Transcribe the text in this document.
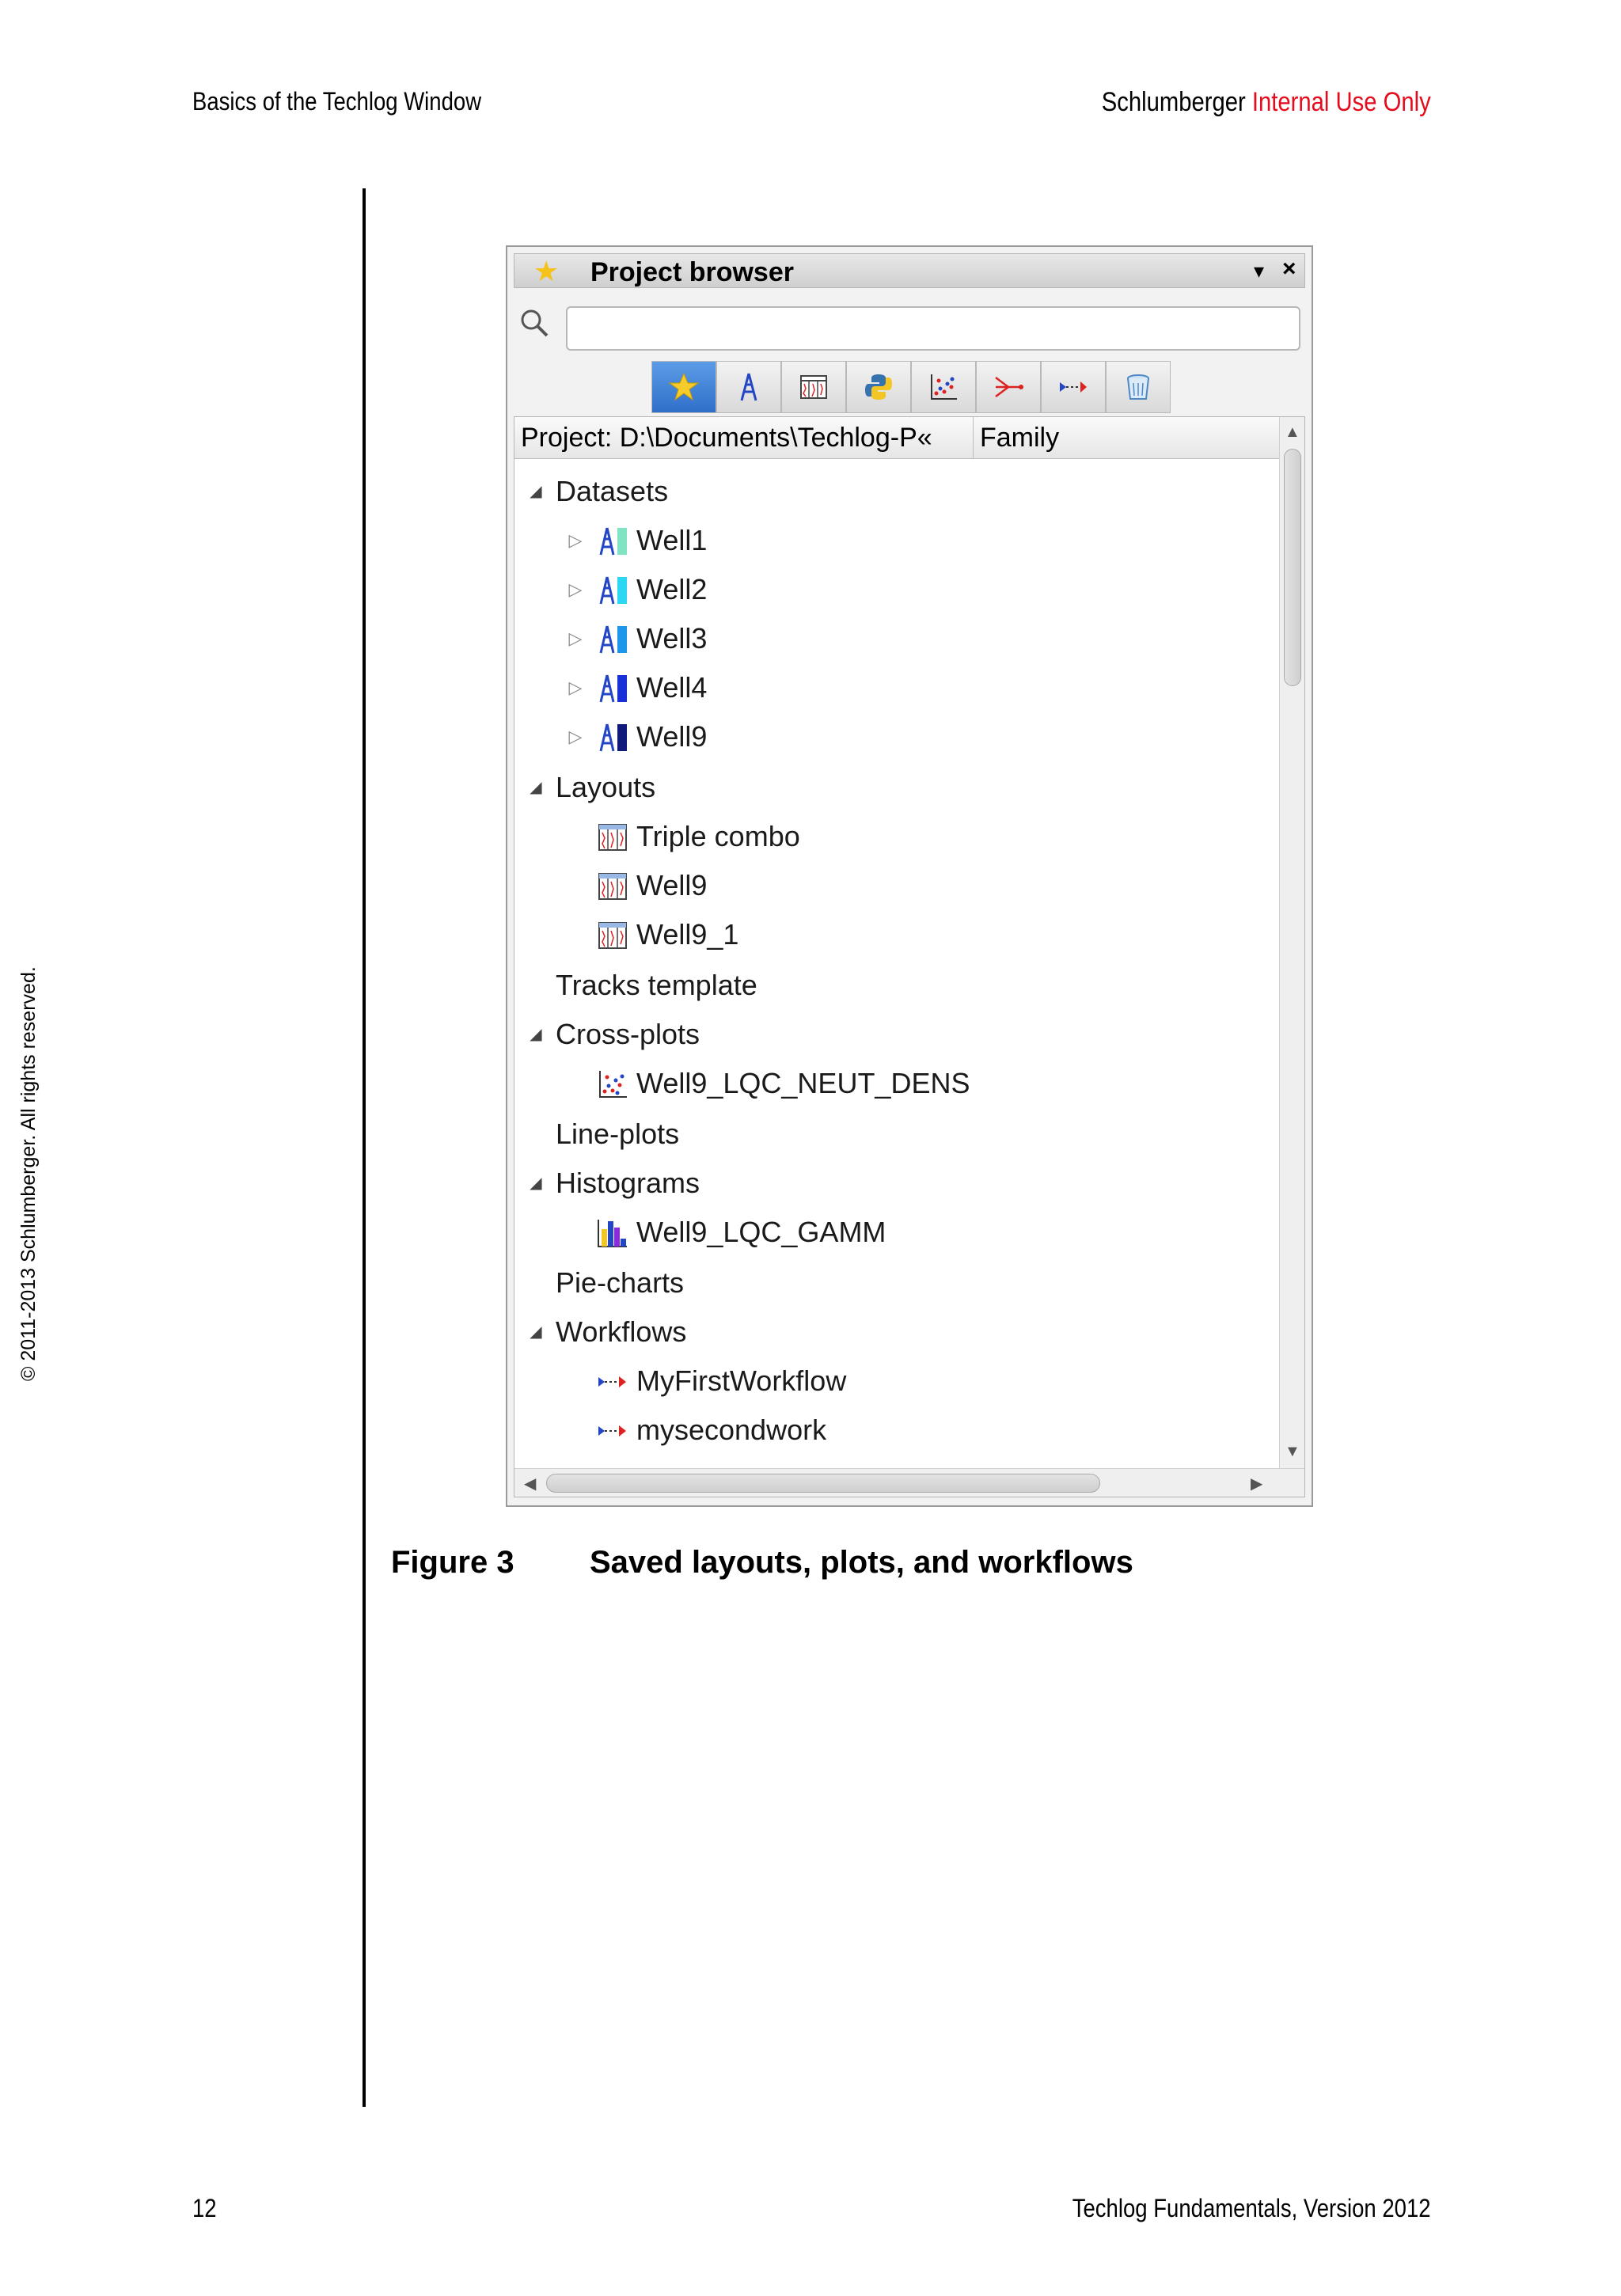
Basics of the Techlog Window	Schlumberger Internal Use Only
© 2011-2013 Schlumberger. All rights reserved.
★ Project browser	▾ ×
Project: D:\Documents\Techlog-P«	Family
◢ Datasets
▷ Well1
▷ Well2
▷ Well3
▷ Well4
▷ Well9
◢ Layouts
Triple combo
Well9
Well9_1
Tracks template
◢ Cross-plots
Well9_LQC_NEUT_DENS
Line-plots
◢ Histograms
Well9_LQC_GAMM
Pie-charts
◢ Workflows
MyFirstWorkflow
mysecondwork
▲
▼
◀	▶
Figure 3 Saved layouts, plots, and workflows
12	Techlog Fundamentals, Version 2012
